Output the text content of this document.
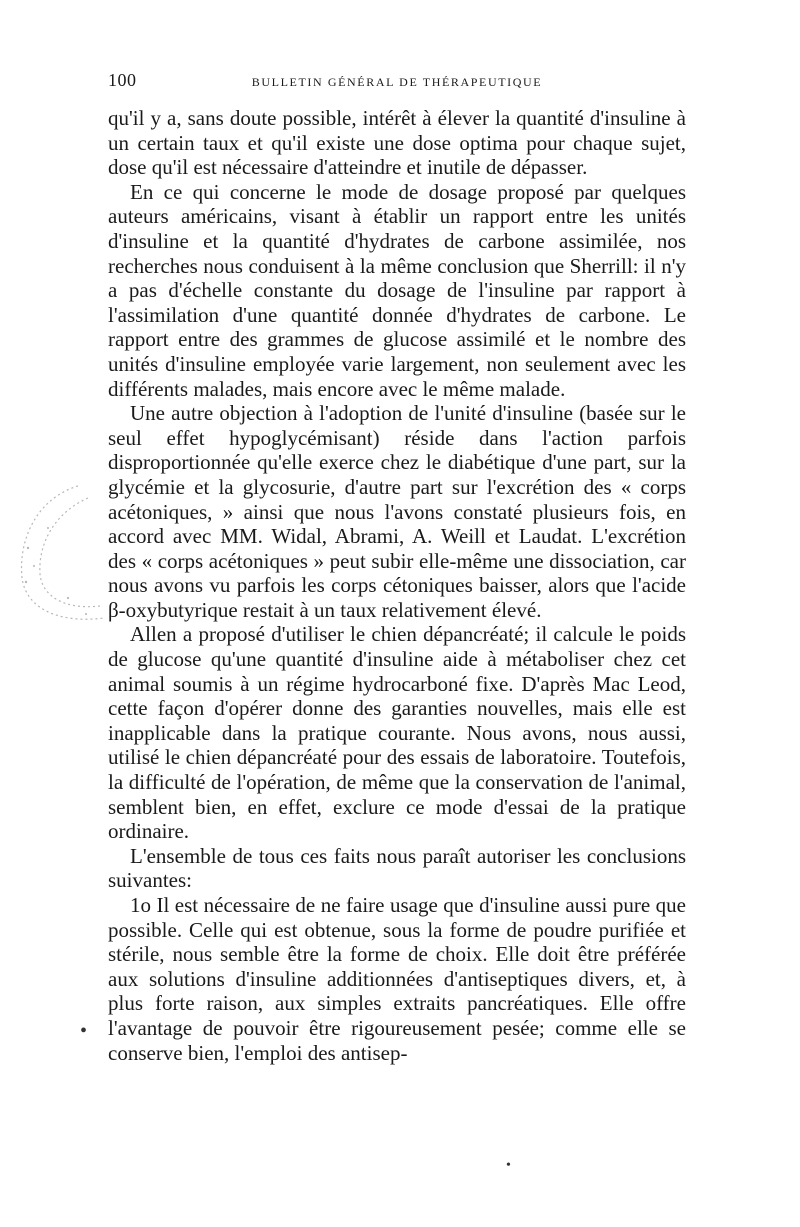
100	BULLETIN GÉNÉRAL DE THÉRAPEUTIQUE

qu'il y a, sans doute possible, intérêt à élever la quantité d'insuline à un certain taux et qu'il existe une dose optima pour chaque sujet, dose qu'il est nécessaire d'atteindre et inutile de dépasser.

En ce qui concerne le mode de dosage proposé par quelques auteurs américains, visant à établir un rapport entre les unités d'insuline et la quantité d'hydrates de carbone assimilée, nos recherches nous conduisent à la même conclusion que Sherrill: il n'y a pas d'échelle constante du dosage de l'insuline par rapport à l'assimilation d'une quantité donnée d'hydrates de carbone. Le rapport entre des grammes de glucose assimilé et le nombre des unités d'insuline employée varie largement, non seulement avec les différents malades, mais encore avec le même malade.

Une autre objection à l'adoption de l'unité d'insuline (basée sur le seul effet hypoglycémisant) réside dans l'action parfois disproportionnée qu'elle exerce chez le diabétique d'une part, sur la glycémie et la glycosurie, d'autre part sur l'excrétion des « corps acétoniques, » ainsi que nous l'avons constaté plusieurs fois, en accord avec MM. Widal, Abrami, A. Weill et Laudat. L'excrétion des « corps acétoniques » peut subir elle-même une dissociation, car nous avons vu parfois les corps cétoniques baisser, alors que l'acide β-oxybutyrique restait à un taux relativement élevé.

Allen a proposé d'utiliser le chien dépancréaté; il calcule le poids de glucose qu'une quantité d'insuline aide à métaboliser chez cet animal soumis à un régime hydrocarboné fixe. D'après Mac Leod, cette façon d'opérer donne des garanties nouvelles, mais elle est inapplicable dans la pratique courante. Nous avons, nous aussi, utilisé le chien dépancréaté pour des essais de laboratoire. Toutefois, la difficulté de l'opération, de même que la conservation de l'animal, semblent bien, en effet, exclure ce mode d'essai de la pratique ordinaire.

L'ensemble de tous ces faits nous paraît autoriser les conclusions suivantes:

1o Il est nécessaire de ne faire usage que d'insuline aussi pure que possible. Celle qui est obtenue, sous la forme de poudre purifiée et stérile, nous semble être la forme de choix. Elle doit être préférée aux solutions d'insuline additionnées d'antiseptiques divers, et, à plus forte raison, aux simples extraits pancréatiques. Elle offre l'avantage de pouvoir être rigoureusement pesée; comme elle se conserve bien, l'emploi des antisep-

•
•
